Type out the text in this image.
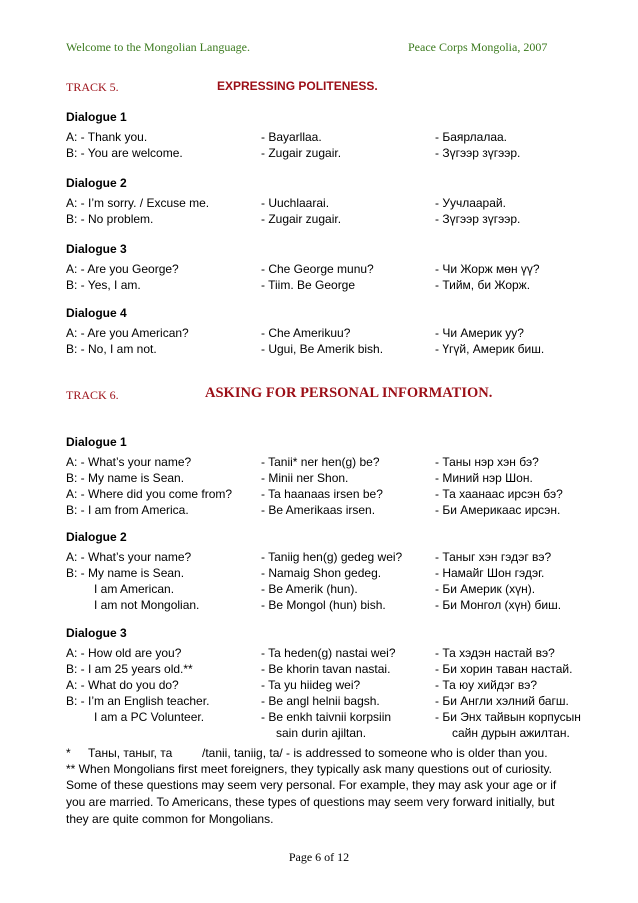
Welcome to the Mongolian Language.	Peace Corps Mongolia, 2007
TRACK 5.	EXPRESSING POLITENESS.
Dialogue 1
A: - Thank you.	- Bayarllaa.	- Баярлалаа.
B: - You are welcome.	- Zugair zugair.	- Зүгээр зүгээр.
Dialogue 2
A: - I’m sorry. / Excuse me.	- Uuchlaarai.	- Уучлаарай.
B: - No problem.	- Zugair zugair.	- Зүгээр зүгээр.
Dialogue 3
A: - Are you George?	- Che George munu?	- Чи Жорж мөн үү?
B: - Yes, I am.	- Tiim. Be George	- Тийм, би Жорж.
Dialogue 4
A: - Are you American?	- Che Amerikuu?	- Чи Америк уу?
B: - No, I am not.	- Ugui, Be Amerik bish.	- Үгүй, Америк биш.
TRACK 6.	ASKING FOR PERSONAL INFORMATION.
Dialogue 1
A: - What’s your name?	- Tanii* ner hen(g) be?	- Таны нэр хэн бэ?
B: - My name is Sean.	- Minii ner Shon.	- Миний нэр Шон.
A: - Where did you come from? - Ta haanaas irsen be?	- Та хаанаас ирсэн бэ?
B: - I am from America.	- Be Amerikaas irsen.	- Би Америкаас ирсэн.
Dialogue 2
A: - What’s your name?	- Taniig hen(g) gedeg wei?	- Таныг хэн гэдэг вэ?
B: - My name is Sean.	- Namaig Shon gedeg.	- Намайг Шон гэдэг.
I am American.	- Be Amerik (hun).	- Би Америк (хүн).
I am not Mongolian.	- Be Mongol (hun) bish.	- Би Монгол (хүн) биш.
Dialogue 3
A: - How old are you?	- Ta heden(g) nastai wei?	- Та хэдэн настай вэ?
B: - I am 25 years old.**	- Be khorin tavan nastai.	- Би хорин таван настай.
A: - What do you do?	- Ta yu hiideg wei?	- Та юу хийдэг вэ?
B: - I’m an English teacher.	- Be angl helnii bagsh.	- Би Англи хэлний багш.
I am a PC Volunteer.	- Be enkh taivnii korpsiin	- Би Энх тайвын корпусын
sain durin ajiltan.	сайн дурын ажилтан.
* Таны, таныг, та /tanii, taniig, ta/ - is addressed to someone who is older than you.
** When Mongolians first meet foreigners, they typically ask many questions out of curiosity.
Some of these questions may seem very personal. For example, they may ask your age or if you are married. To Americans, these types of questions may seem very forward initially, but they are quite common for Mongolians.
Page 6 of 12
